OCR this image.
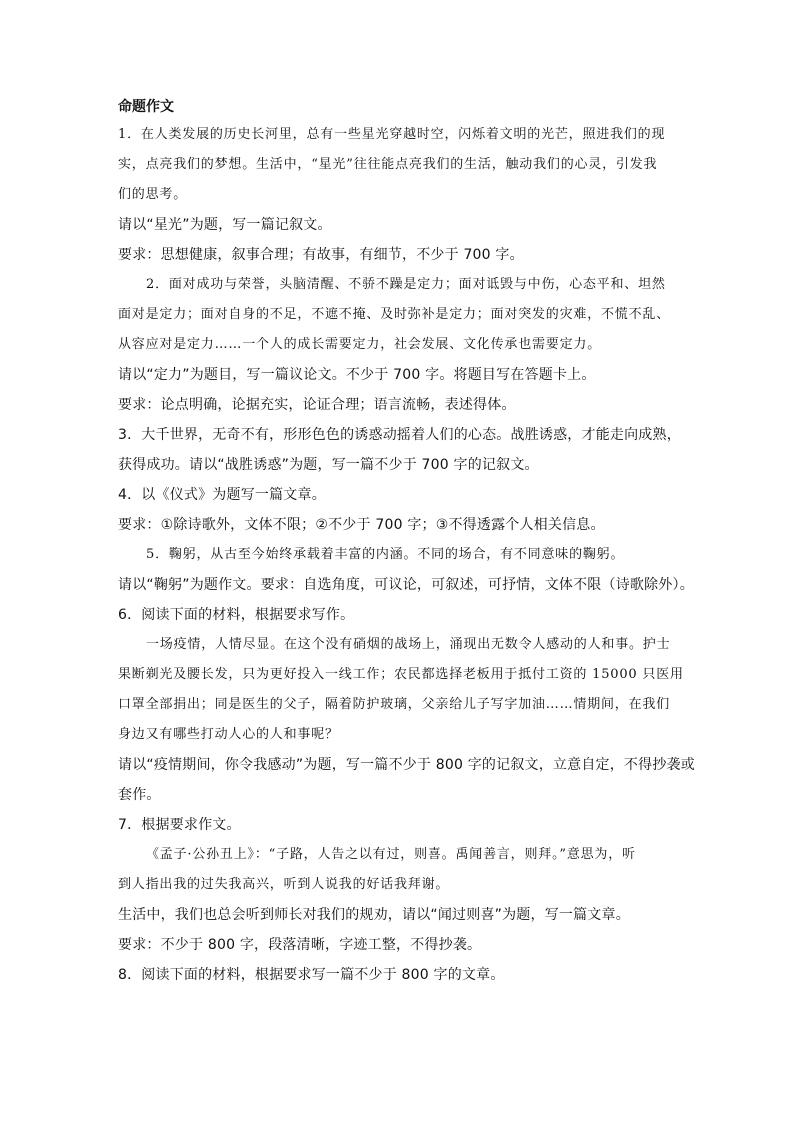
命题作文
1．在人类发展的历史长河里，总有一些星光穿越时空，闪烁着文明的光芒，照进我们的现
实，点亮我们的梦想。生活中，“星光”往往能点亮我们的生活，触动我们的心灵，引发我
们的思考。
请以“星光”为题，写一篇记叙文。
要求：思想健康，叙事合理；有故事，有细节，不少于 700 字。
2．面对成功与荣誉，头脑清醒、不骄不躁是定力；面对诋毁与中伤，心态平和、坦然
面对是定力；面对自身的不足，不遮不掩、及时弥补是定力；面对突发的灾难，不慌不乱、
从容应对是定力……一个人的成长需要定力，社会发展、文化传承也需要定力。
请以“定力”为题目，写一篇议论文。不少于 700 字。将题目写在答题卡上。
要求：论点明确，论据充实，论证合理；语言流畅，表述得体。
3．大千世界，无奇不有，形形色色的诱惑动摇着人们的心态。战胜诱惑，才能走向成熟，
获得成功。请以“战胜诱惑”为题，写一篇不少于 700 字的记叙文。
4．以《仪式》为题写一篇文章。
要求：①除诗歌外，文体不限；②不少于 700 字；③不得透露个人相关信息。
5．鞠躬，从古至今始终承载着丰富的内涵。不同的场合，有不同意味的鞠躬。
请以“鞠躬”为题作文。要求：自选角度，可议论，可叙述，可抒情，文体不限（诗歌除外）。
6．阅读下面的材料，根据要求写作。
一场疫情，人情尽显。在这个没有硝烟的战场上，涌现出无数令人感动的人和事。护士
果断剃光及腰长发，只为更好投入一线工作；农民都选择老板用于抵付工资的 15000 只医用
口罩全部捐出；同是医生的父子，隔着防护玻璃，父亲给儿子写字加油……情期间，在我们
身边又有哪些打动人心的人和事呢？
请以“疫情期间，你令我感动”为题，写一篇不少于 800 字的记叙文，立意自定，不得抄袭或
套作。
7．根据要求作文。
《孟子·公孙丑上》：“子路，人告之以有过，则喜。禹闻善言，则拜。”意思为，听
到人指出我的过失我高兴，听到人说我的好话我拜谢。
生活中，我们也总会听到师长对我们的规劝，请以“闻过则喜”为题，写一篇文章。
要求：不少于 800 字，段落清晰，字迹工整，不得抄袭。
8．阅读下面的材料，根据要求写一篇不少于 800 字的文章。
